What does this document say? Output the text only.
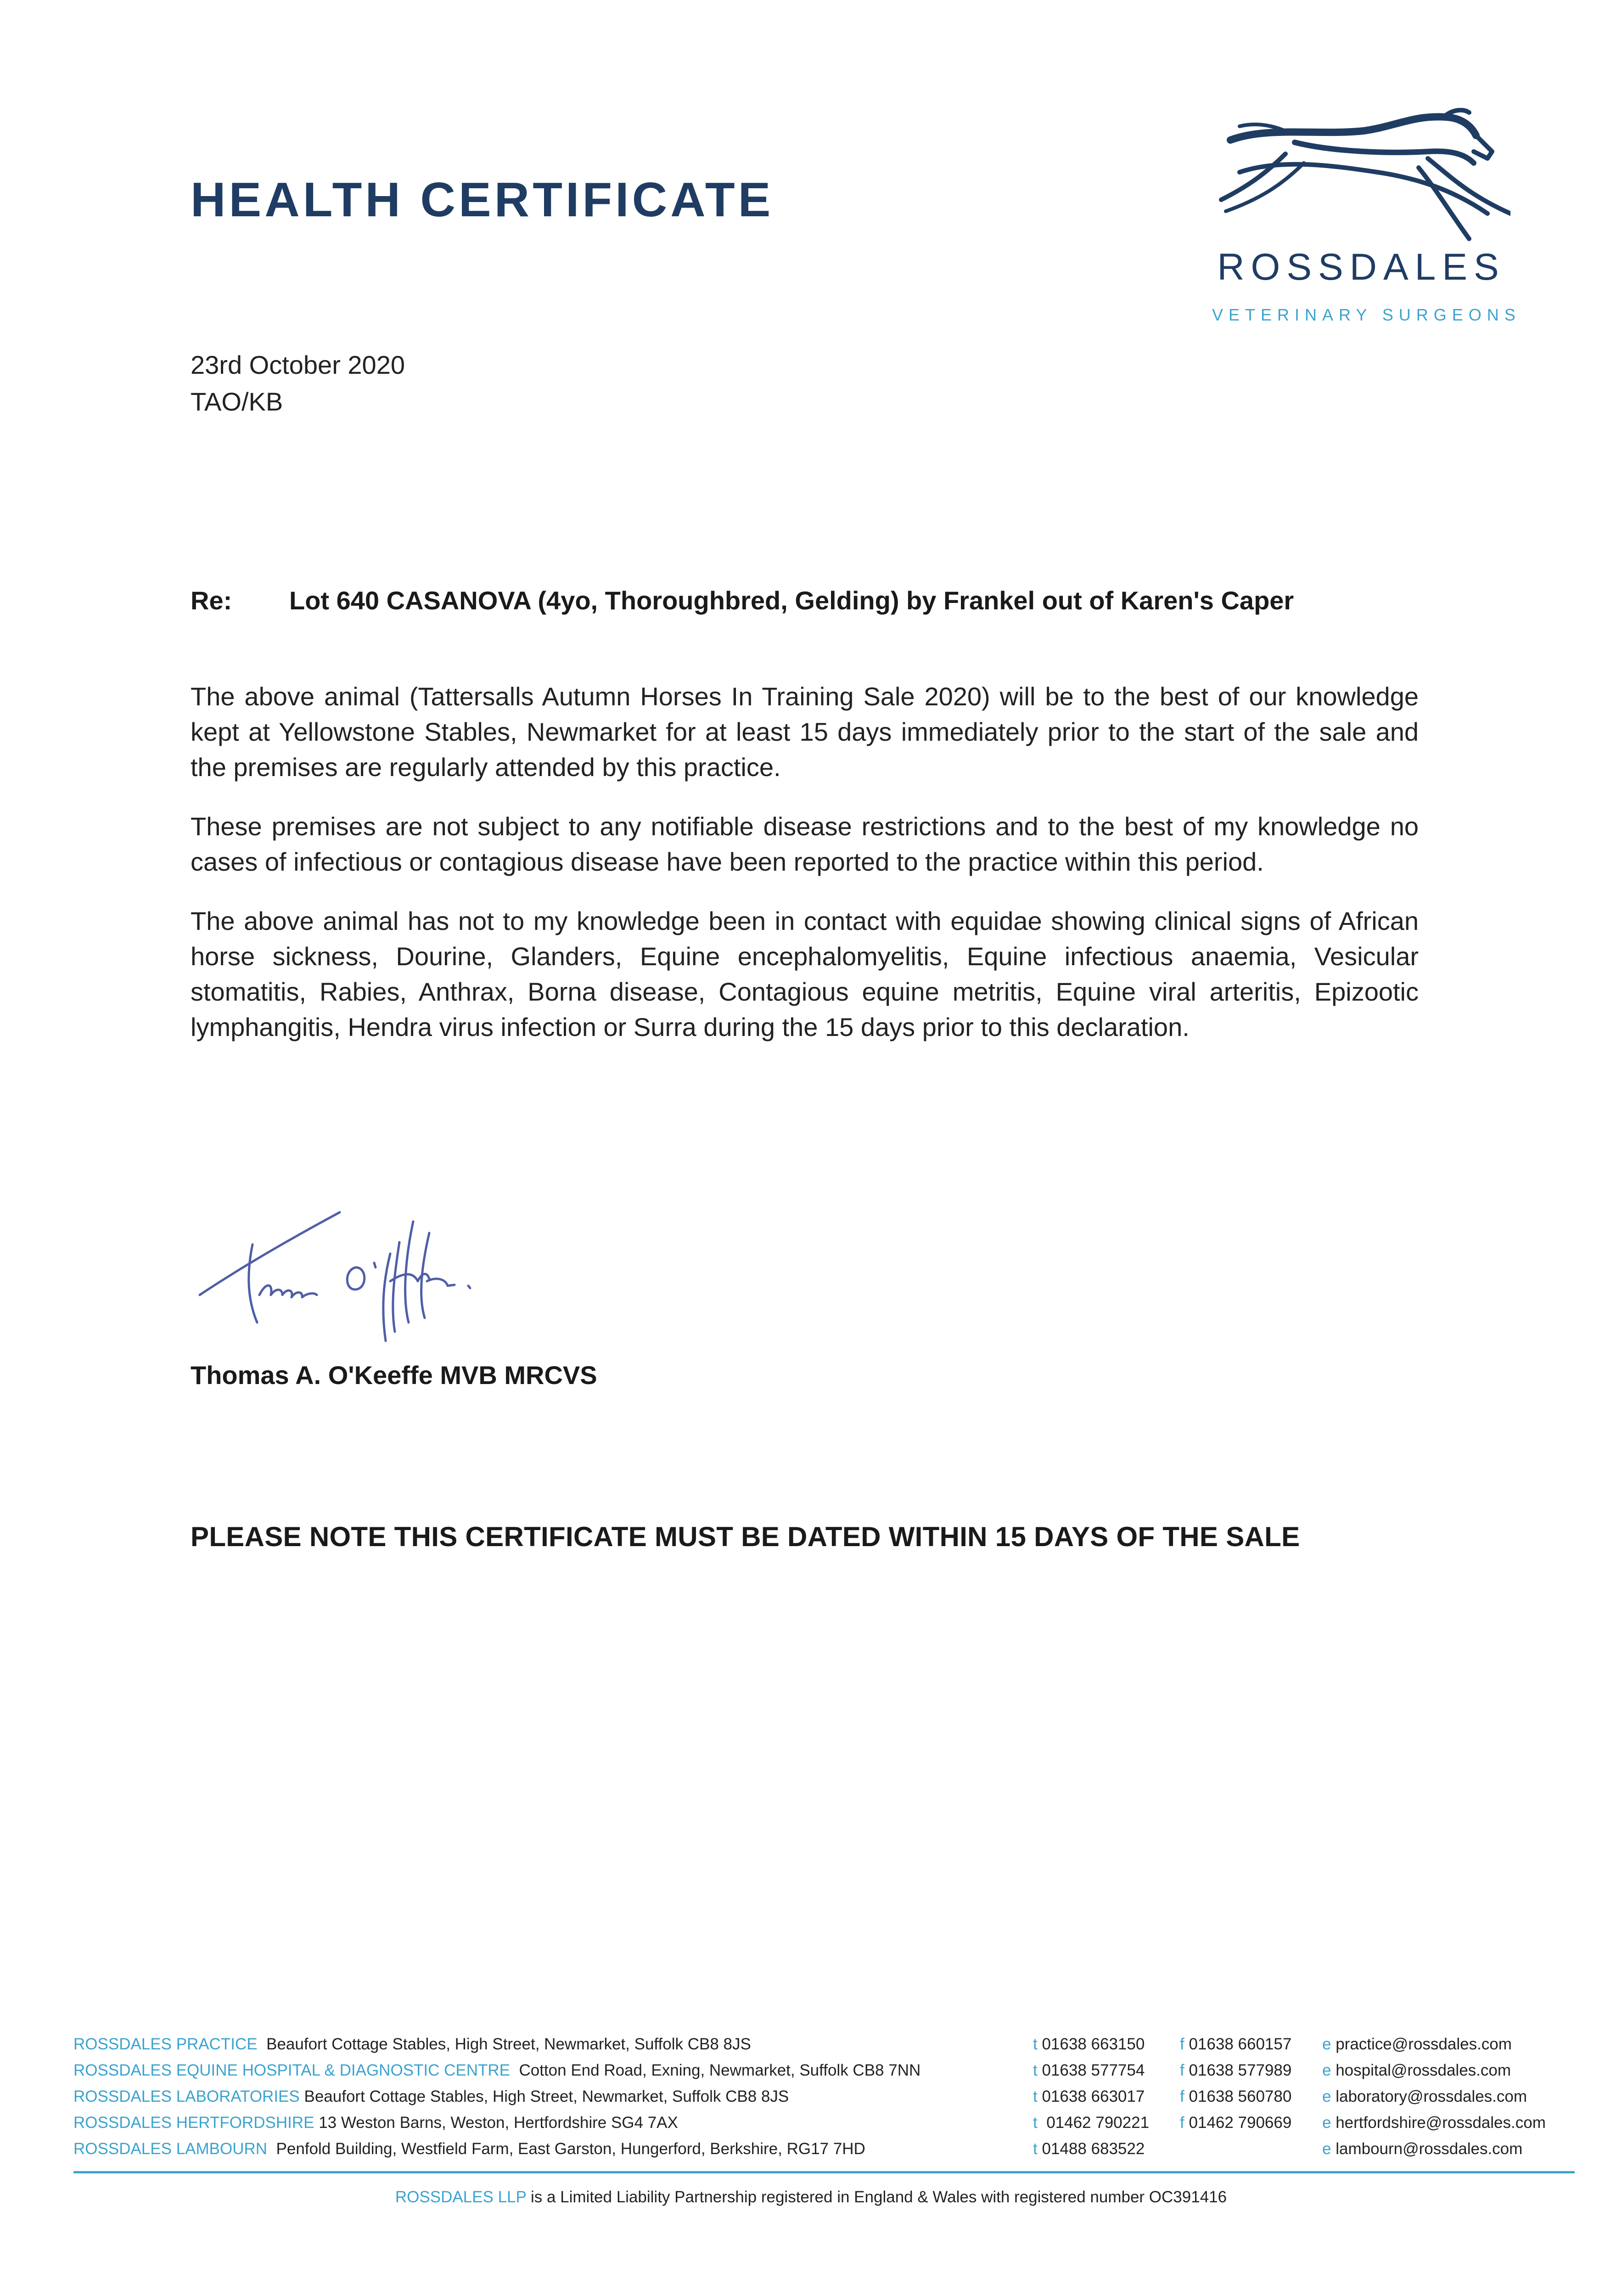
HEALTH CERTIFICATE
ROSSDALES
VETERINARY SURGEONS
23rd October 2020
TAO/KB
Re: Lot 640 CASANOVA (4yo, Thoroughbred, Gelding) by Frankel out of Karen's Caper

The above animal (Tattersalls Autumn Horses In Training Sale 2020) will be to the best of our knowledge kept at Yellowstone Stables, Newmarket for at least 15 days immediately prior to the start of the sale and the premises are regularly attended by this practice.

These premises are not subject to any notifiable disease restrictions and to the best of my knowledge no cases of infectious or contagious disease have been reported to the practice within this period.

The above animal has not to my knowledge been in contact with equidae showing clinical signs of African horse sickness, Dourine, Glanders, Equine encephalomyelitis, Equine infectious anaemia, Vesicular stomatitis, Rabies, Anthrax, Borna disease, Contagious equine metritis, Equine viral arteritis, Epizootic lymphangitis, Hendra virus infection or Surra during the 15 days prior to this declaration.

Thomas A. O'Keeffe MVB MRCVS
PLEASE NOTE THIS CERTIFICATE MUST BE DATED WITHIN 15 DAYS OF THE SALE
ROSSDALES PRACTICE Beaufort Cottage Stables, High Street, Newmarket, Suffolk CB8 8JS	t 01638 663150 f 01638 660157 e practice@rossdales.com
ROSSDALES EQUINE HOSPITAL & DIAGNOSTIC CENTRE Cotton End Road, Exning, Newmarket, Suffolk CB8 7NN	t 01638 577754 f 01638 577989 e hospital@rossdales.com
ROSSDALES LABORATORIES Beaufort Cottage Stables, High Street, Newmarket, Suffolk CB8 8JS	t 01638 663017 f 01638 560780 e laboratory@rossdales.com
ROSSDALES HERTFORDSHIRE 13 Weston Barns, Weston, Hertfordshire SG4 7AX	t 01462 790221 f 01462 790669 e hertfordshire@rossdales.com
ROSSDALES LAMBOURN Penfold Building, Westfield Farm, East Garston, Hungerford, Berkshire, RG17 7HD	t 01488 683522	e lambourn@rossdales.com
ROSSDALES LLP is a Limited Liability Partnership registered in England & Wales with registered number OC391416
